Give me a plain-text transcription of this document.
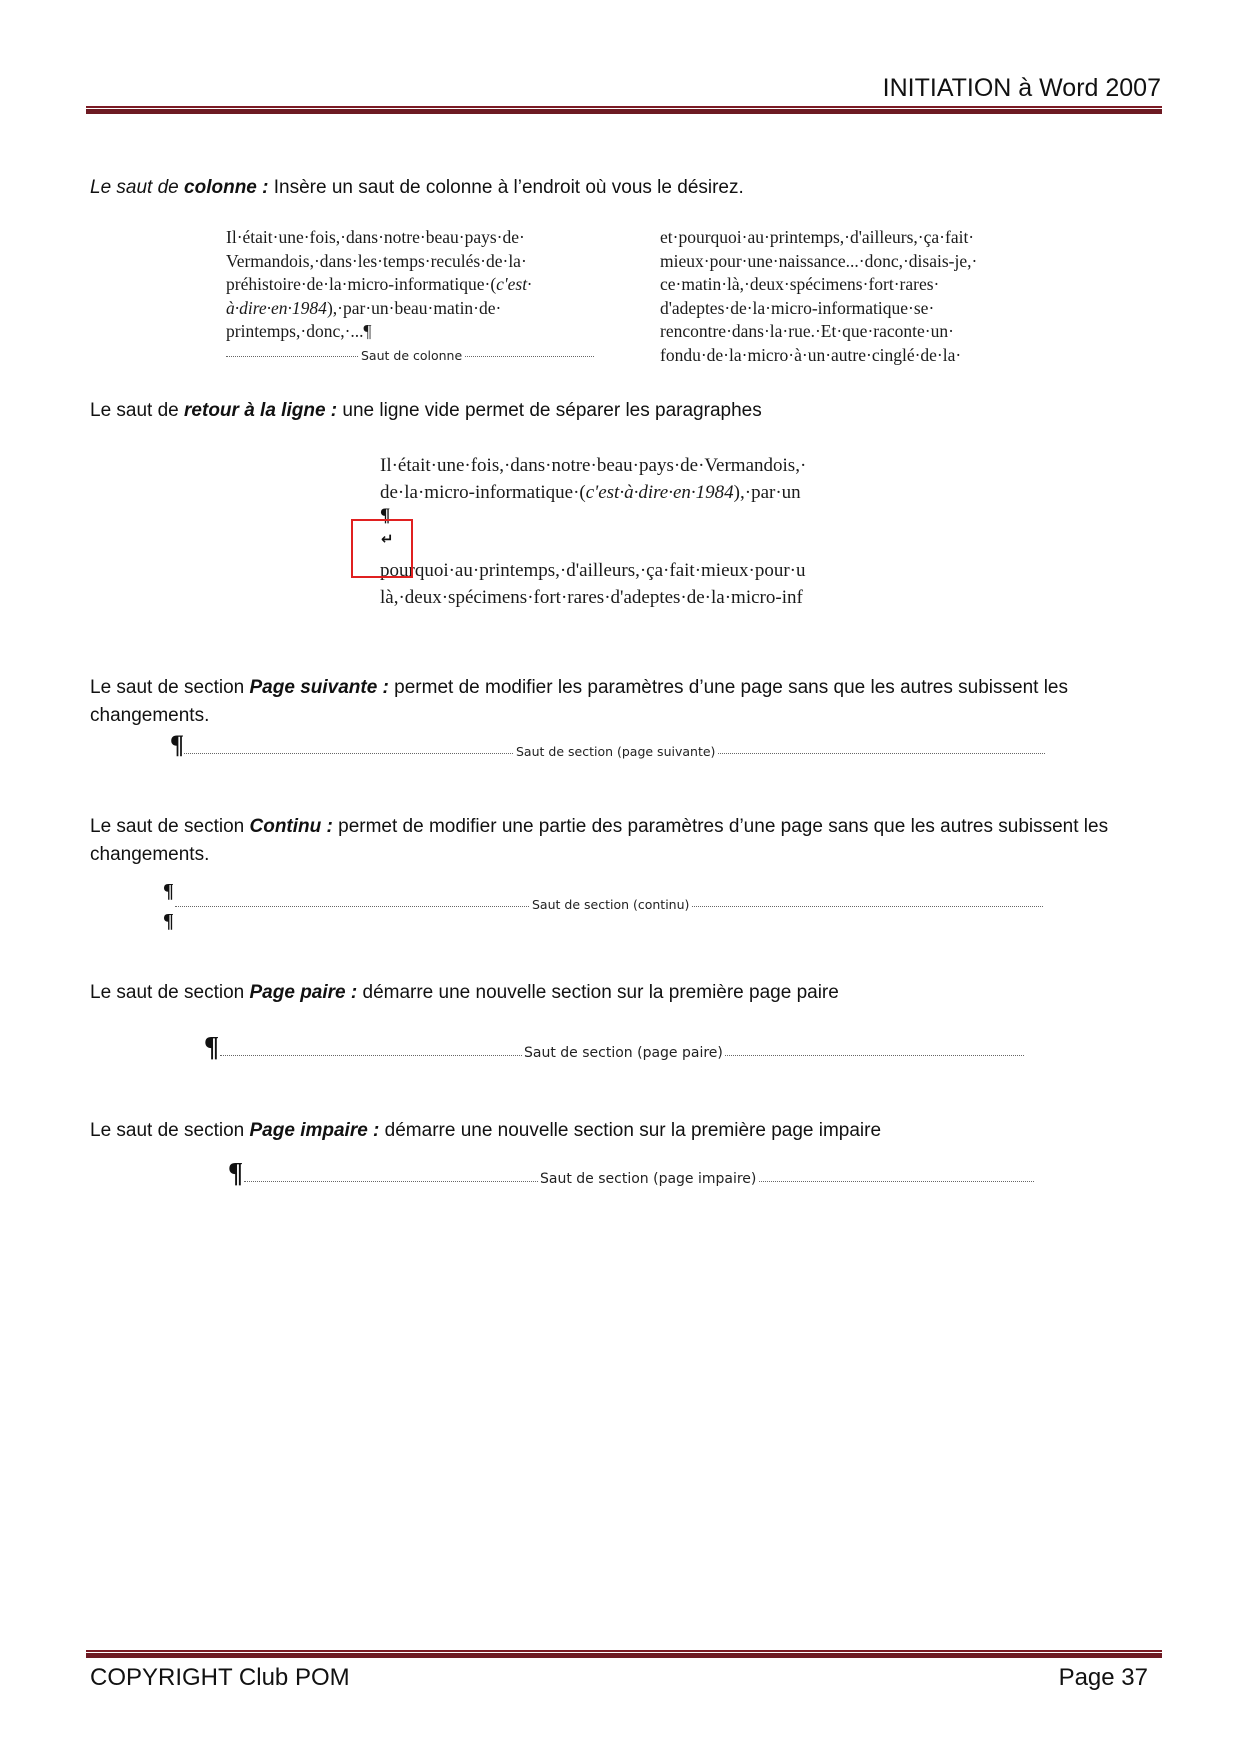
INITIATION à Word 2007
Le saut de colonne : Insère un saut de colonne à l’endroit où vous le désirez.
Il·était·une·fois,·dans·notre·beau·pays·de·
Vermandois,·dans·les·temps·reculés·de·la·
préhistoire·de·la·micro-informatique·(c'est·
à·dire·en·1984),·par·un·beau·matin·de·
printemps,·donc,·...¶
Saut de colonne
et·pourquoi·au·printemps,·d'ailleurs,·ça·fait·
mieux·pour·une·naissance...·donc,·disais-je,·
ce·matin·là,·deux·spécimens·fort·rares·
d'adeptes·de·la·micro-informatique·se·
rencontre·dans·la·rue.·Et·que·raconte·un·
fondu·de·la·micro·à·un·autre·cinglé·de·la·
Le saut de retour à la ligne : une ligne vide permet de séparer les paragraphes
Il·était·une·fois,·dans·notre·beau·pays·de·Vermandois,·
de·la·micro-informatique·(c'est·à·dire·en·1984),·par·un
¶
↵
pourquoi·au·printemps,·d'ailleurs,·ça·fait·mieux·pour·u
là,·deux·spécimens·fort·rares·d'adeptes·de·la·micro-inf
Le saut de section Page suivante : permet de modifier les paramètres d’une page sans que les autres subissent les changements.
¶	Saut de section (page suivante)
Le saut de section Continu : permet de modifier une partie des paramètres d’une page sans que les autres subissent les changements.
¶
Saut de section (continu)
¶
Le saut de section Page paire : démarre une nouvelle section sur la première page paire
¶	Saut de section (page paire)
Le saut de section Page impaire : démarre une nouvelle section sur la première page impaire
¶	Saut de section (page impaire)
COPYRIGHT Club POM	Page 37
